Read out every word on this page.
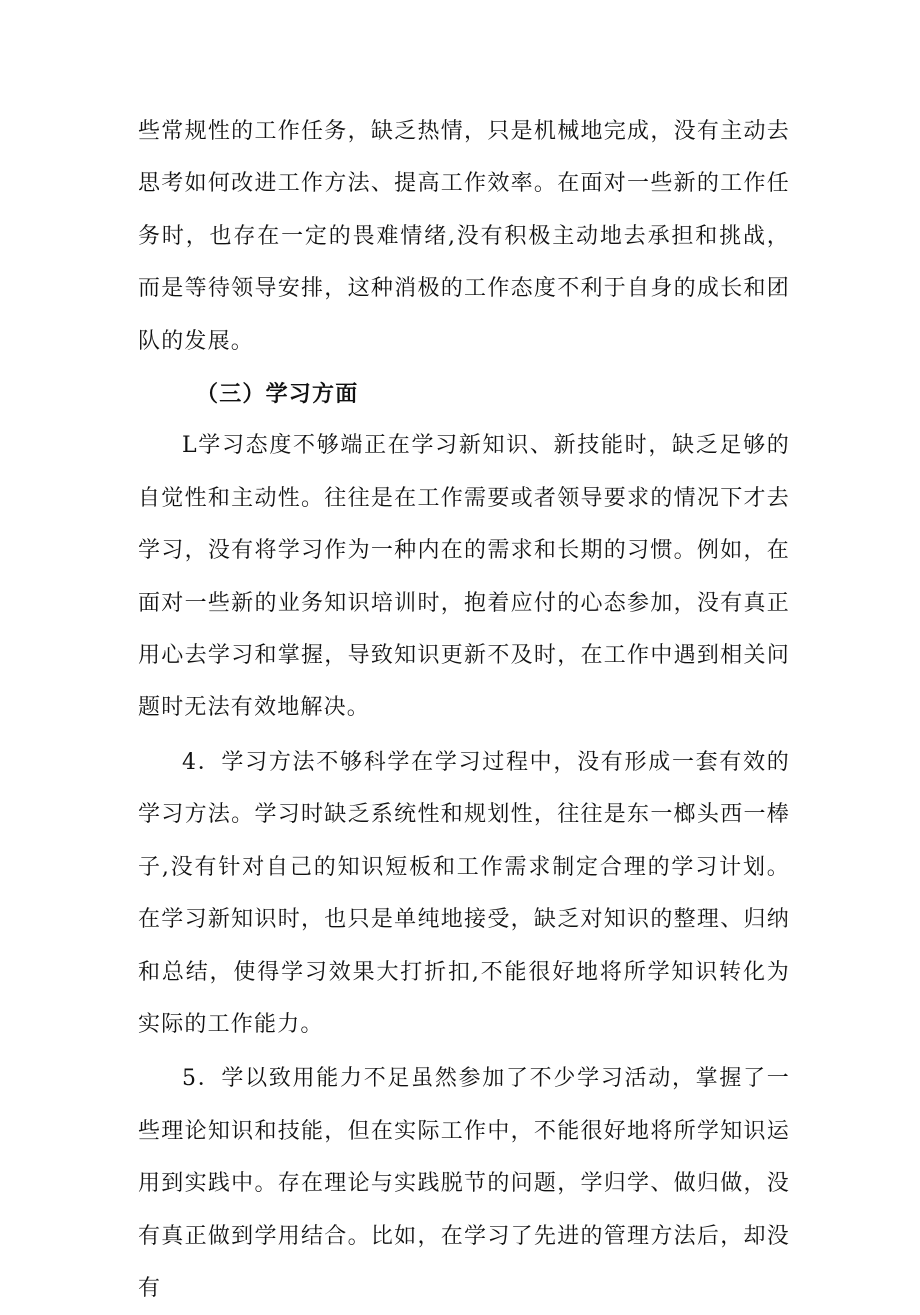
些常规性的工作任务，缺乏热情，只是机械地完成，没有主动去思考如何改进工作方法、提高工作效率。在面对一些新的工作任务时，也存在一定的畏难情绪,没有积极主动地去承担和挑战，而是等待领导安排，这种消极的工作态度不利于自身的成长和团队的发展。

（三）学习方面

L学习态度不够端正在学习新知识、新技能时，缺乏足够的自觉性和主动性。往往是在工作需要或者领导要求的情况下才去学习，没有将学习作为一种内在的需求和长期的习惯。例如，在面对一些新的业务知识培训时，抱着应付的心态参加，没有真正用心去学习和掌握，导致知识更新不及时，在工作中遇到相关问题时无法有效地解决。

4．学习方法不够科学在学习过程中，没有形成一套有效的学习方法。学习时缺乏系统性和规划性，往往是东一榔头西一棒子,没有针对自己的知识短板和工作需求制定合理的学习计划。在学习新知识时，也只是单纯地接受，缺乏对知识的整理、归纳和总结，使得学习效果大打折扣,不能很好地将所学知识转化为实际的工作能力。

5．学以致用能力不足虽然参加了不少学习活动，掌握了一些理论知识和技能，但在实际工作中，不能很好地将所学知识运用到实践中。存在理论与实践脱节的问题，学归学、做归做，没有真正做到学用结合。比如，在学习了先进的管理方法后，却没有
